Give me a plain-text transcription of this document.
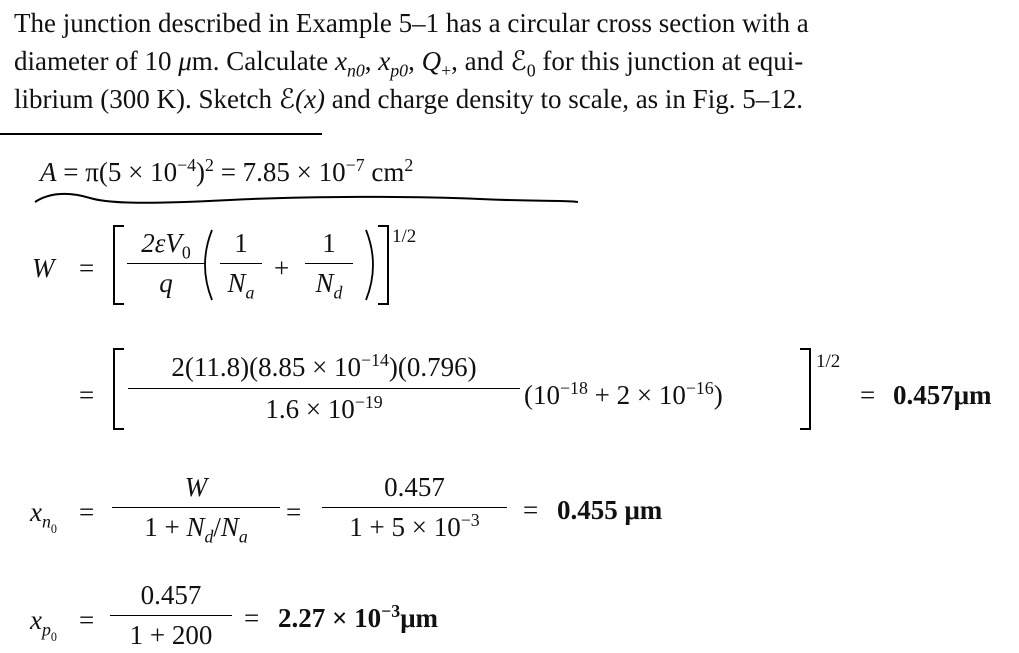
The junction described in Example 5–1 has a circular cross section with a
diameter of 10 μm. Calculate $x_{n0}$, $x_{p0}$, $Q_+$, and ℰ$_0$ for this junction at equi-
librium (300 K). Sketch ℰ(x) and charge density to scale, as in Fig. 5–12.
$A = \pi(5 \times 10^{-4})^2 = 7.85 \times 10^{-7}$ $cm^2$
W =
$2\varepsilon V_0$
q
1
$N_a$
+
1
$N_d$
1/2
=
$2(11.8)(8.85 \times 10^{-14})(0.796)$
$1.6 \times 10^{-19}$	$(10^{-18} + 2 \times 10^{-16})$
1/2
= 0.457μm
$x_{n0}$
=
W
$1 + N_d/N_a$
=
0.457
$1 + 5 \times 10^{-3}$	= 0.455 μm
$x_{p0}$
=
0.457
1 + 200
= $2.27 \times 10^{-3}\mu m$
